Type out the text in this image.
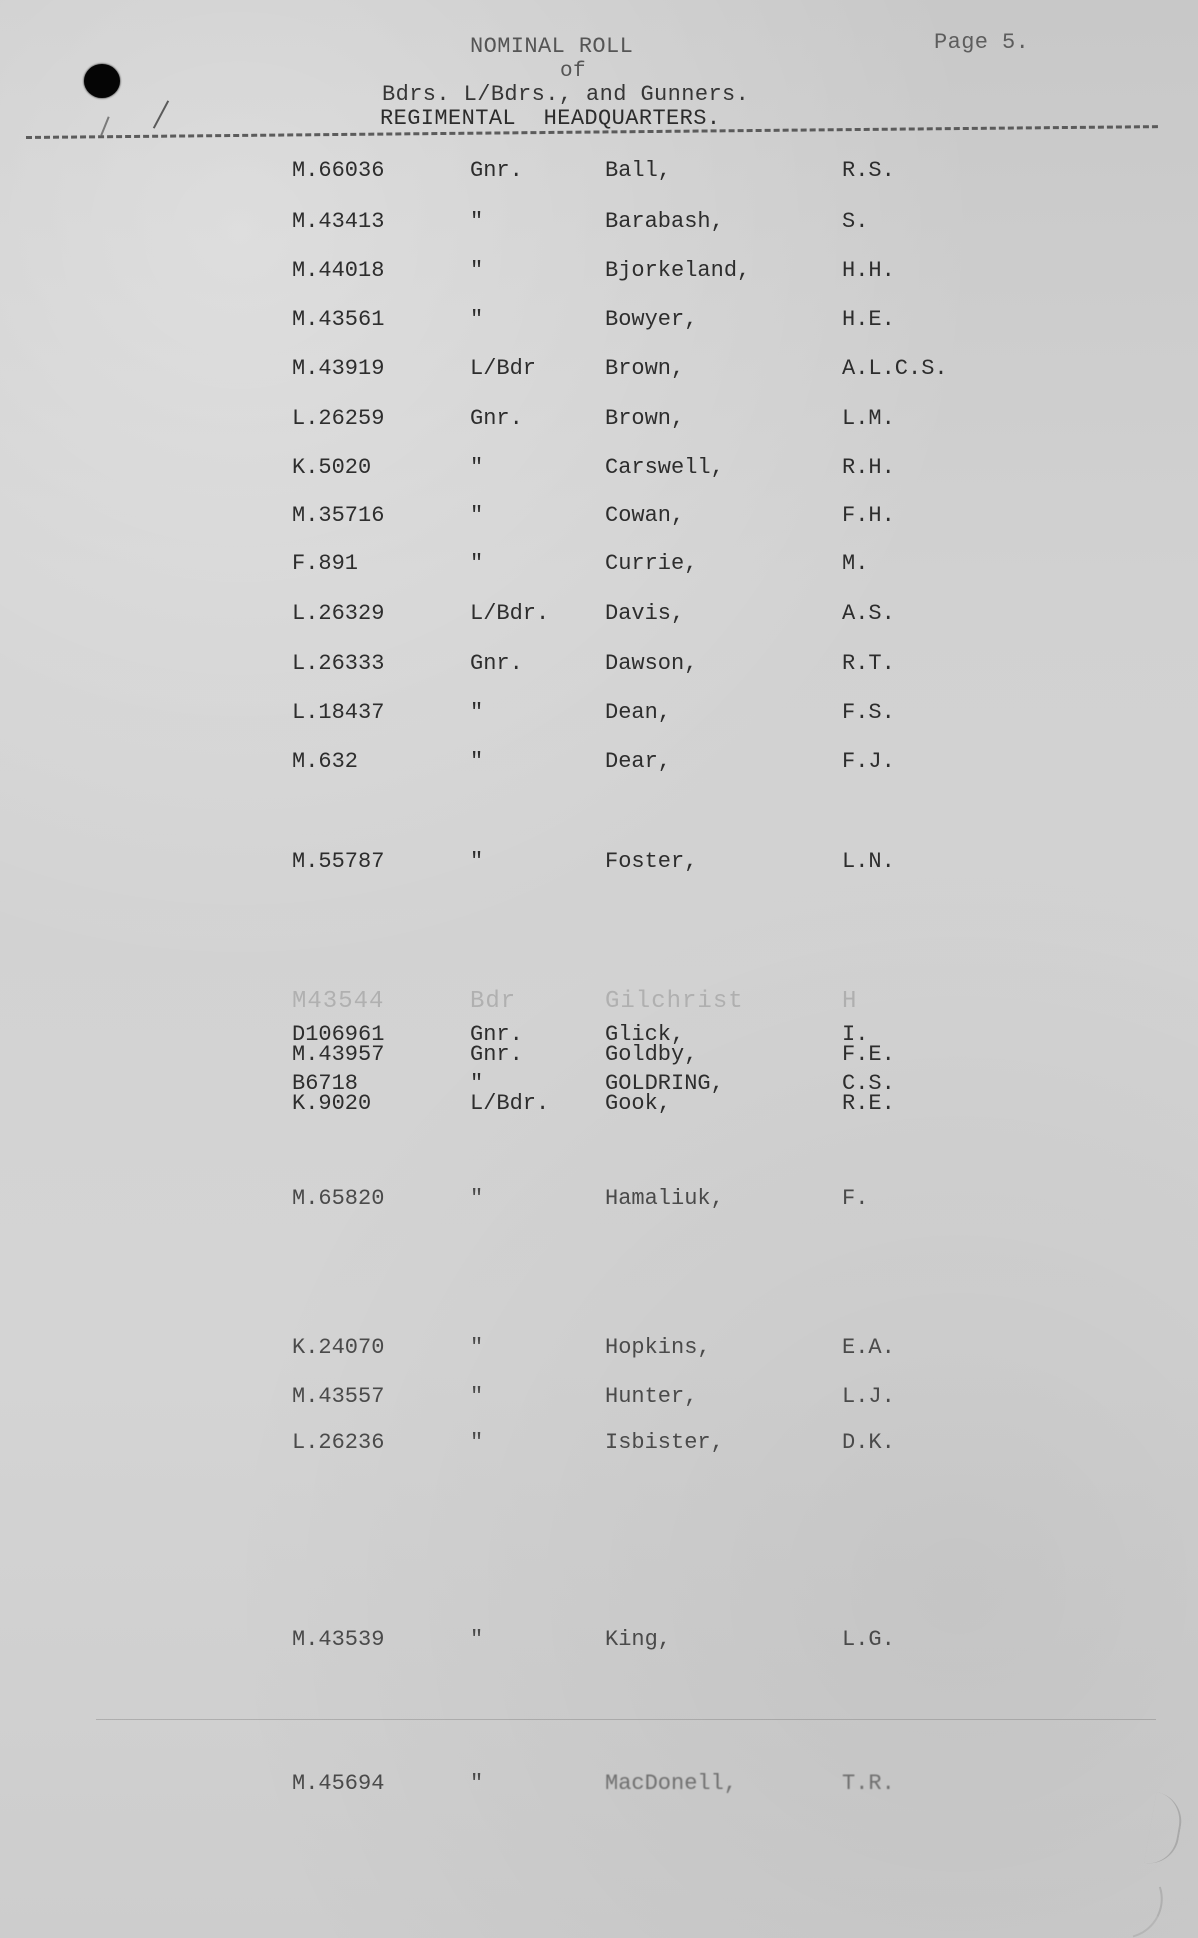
NOMINAL ROLL
of
Bdrs. L/Bdrs., and Gunners.
REGIMENTAL HEADQUARTERS.
Page 5.
M.66036	Gnr.	Ball,	R.S.
M.43413	"	Barabash,	S.
M.44018	"	Bjorkeland,	H.H.
M.43561	"	Bowyer,	H.E.
M.43919	L/Bdr	Brown,	A.L.C.S.
L.26259	Gnr.	Brown,	L.M.
K.5020	"	Carswell,	R.H.
M.35716	"	Cowan,	F.H.
F.891	"	Currie,	M.
L.26329	L/Bdr.	Davis,	A.S.
L.26333	Gnr.	Dawson,	R.T.
L.18437	"	Dean,	F.S.
M.632	"	Dear,	F.J.
M.55787	"	Foster,	L.N.
M43544	Bdr	Gilchrist	H
D106961	Gnr.	Glick,	I.
M.43957	Gnr.	Goldby,	F.E.
B6718	"	GOLDRING,	C.S.
K.9020	L/Bdr.	Gook,	R.E.
M.65820	"	Hamaliuk,	F.
K.24070	"	Hopkins,	E.A.
M.43557	"	Hunter,	L.J.
L.26236	"	Isbister,	D.K.
M.43539	"	King,	L.G.
M.45694	"	MacDonell,	T.R.
